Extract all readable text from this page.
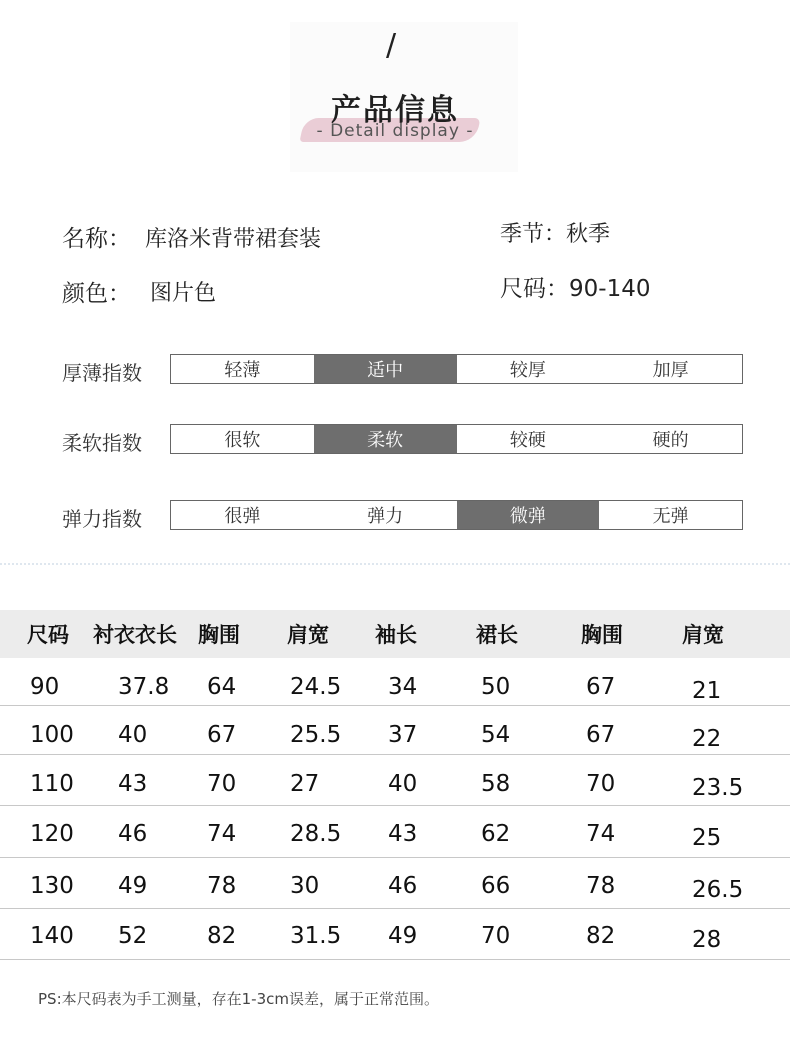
/
产品信息
- Detail display -
名称： 库洛米背带裙套装	季节：秋季
颜色： 图片色	尺码：90-140
厚薄指数	轻薄	适中	较厚	加厚
柔软指数	很软	柔软	较硬	硬的
弹力指数	很弹	弹力	微弹	无弹
尺码 衬衣衣长 胸围 肩宽 袖长	裙长	胸围	肩宽
90	37.8 64 24.5 34	50	67	21
100 40	67 25.5 37	54	67	22
110 43	70 27	40	58	70	23.5
120 46	74 28.5 43	62	74	25
130 49	78 30	46	66	78	26.5
140 52	82 31.5 49	70	82	28
PS:本尺码表为手工测量，存在1-3cm误差，属于正常范围。
